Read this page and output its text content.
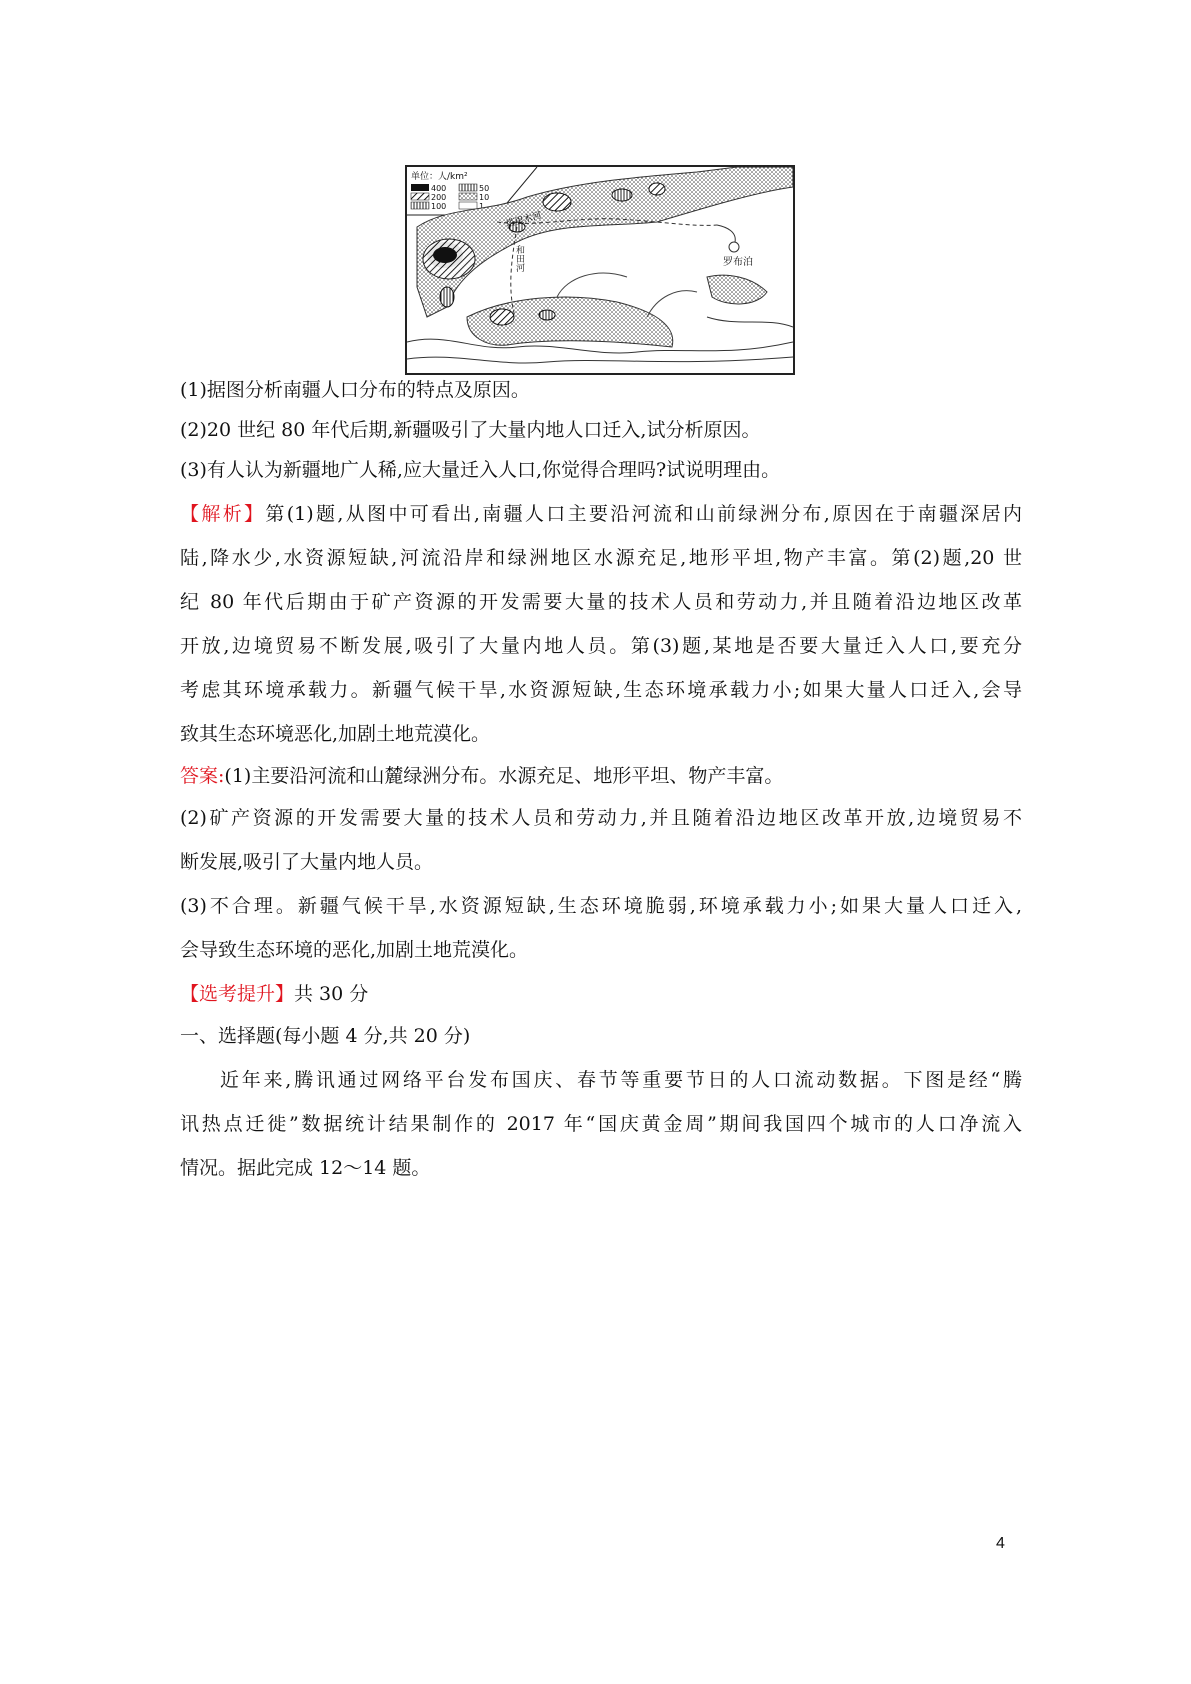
单位：人/km²
400
200
100
50
10
1
塔里木河
和田河	罗布泊
(1)据图分析南疆人口分布的特点及原因。
(2)20 世纪 80 年代后期,新疆吸引了大量内地人口迁入,试分析原因。
(3)有人认为新疆地广人稀,应大量迁入人口,你觉得合理吗?试说明理由。
【解析】第(1)题,从图中可看出,南疆人口主要沿河流和山前绿洲分布,原因在于南疆深居内
陆,降水少,水资源短缺,河流沿岸和绿洲地区水源充足,地形平坦,物产丰富。第(2)题,20 世
纪 80 年代后期由于矿产资源的开发需要大量的技术人员和劳动力,并且随着沿边地区改革
开放,边境贸易不断发展,吸引了大量内地人员。第(3)题,某地是否要大量迁入人口,要充分
考虑其环境承载力。新疆气候干旱,水资源短缺,生态环境承载力小;如果大量人口迁入,会导
致其生态环境恶化,加剧土地荒漠化。
答案:(1)主要沿河流和山麓绿洲分布。水源充足、地形平坦、物产丰富。
(2)矿产资源的开发需要大量的技术人员和劳动力,并且随着沿边地区改革开放,边境贸易不
断发展,吸引了大量内地人员。
(3)不合理。新疆气候干旱,水资源短缺,生态环境脆弱,环境承载力小;如果大量人口迁入,
会导致生态环境的恶化,加剧土地荒漠化。
【选考提升】共 30 分
一、选择题(每小题 4 分,共 20 分)
近年来,腾讯通过网络平台发布国庆、春节等重要节日的人口流动数据。下图是经“腾
讯热点迁徙”数据统计结果制作的 2017 年“国庆黄金周”期间我国四个城市的人口净流入
情况。据此完成 12～14 题。
4
